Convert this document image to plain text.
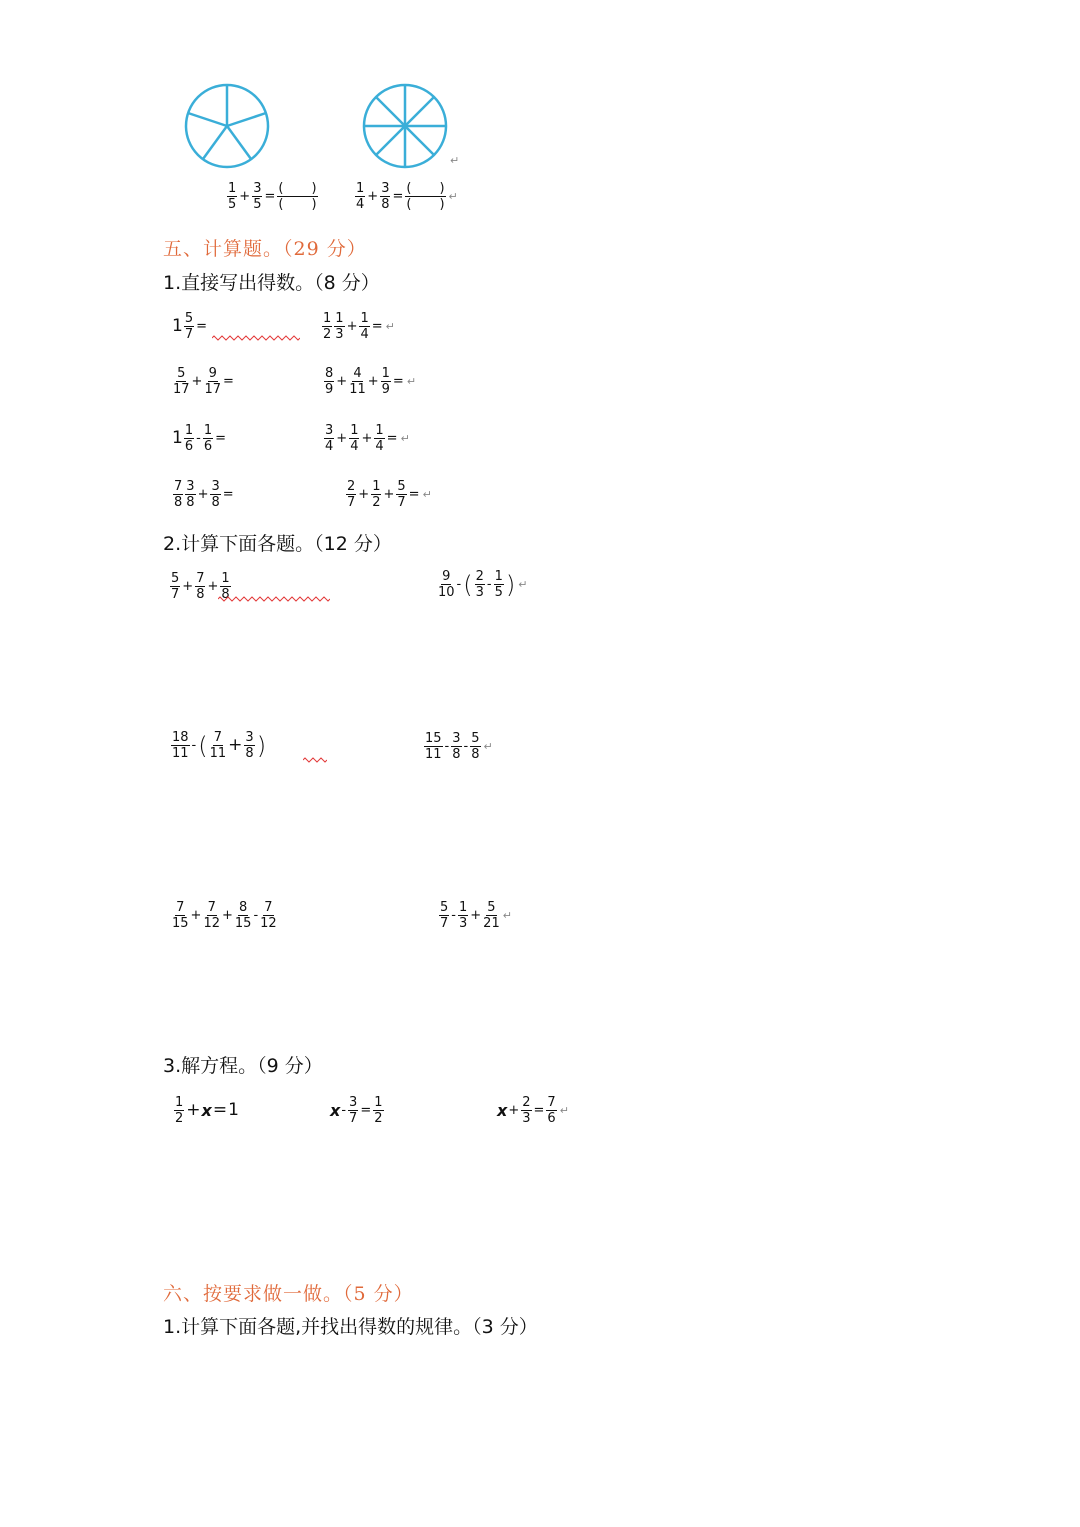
↵
$\frac{1}{5} + \frac{3}{5} = \frac{( )}{( )}$	$\frac{1}{4} + \frac{3}{8} = \frac{( )}{( )}$ ↵
五、计算题。（29 分）
1.直接写出得数。（8 分）
$1 \frac{5}{7}$ =	$\frac{1}{2} \frac{1}{3} + \frac{1}{4}$ = ↵
$\frac{5}{17} + \frac{9}{17}$ =	$\frac{8}{9} + \frac{4}{11} + \frac{1}{9}$ = ↵
$1 \frac{1}{6} - \frac{1}{6}$ =	$\frac{3}{4} + \frac{1}{4} + \frac{1}{4}$ = ↵
$\frac{7}{8} \frac{3}{8} + \frac{3}{8}$ =	$\frac{2}{7} + \frac{1}{2} + \frac{5}{7}$ = ↵
2.计算下面各题。（12 分）
$\frac{5}{7} + \frac{7}{8} + \frac{1}{8}$	$\frac{9}{10}$ - ( $\frac{2}{3} - \frac{1}{5}$ ) ↵
$\frac{18}{11}$ - ( $\frac{7}{11} + \frac{3}{8}$ )	$\frac{15}{11} - \frac{3}{8} - \frac{5}{8}$ ↵
$\frac{7}{15} + \frac{7}{12} + \frac{8}{15} - \frac{7}{12}$	$\frac{5}{7} - \frac{1}{3} + \frac{5}{21}$ ↵
3.解方程。（9 分）
$\frac{1}{2} + x = 1$	$x - \frac{3}{7} = \frac{1}{2}$	$x + \frac{2}{3} = \frac{7}{6}$ ↵
六、按要求做一做。（5 分）
1.计算下面各题,并找出得数的规律。（3 分）
